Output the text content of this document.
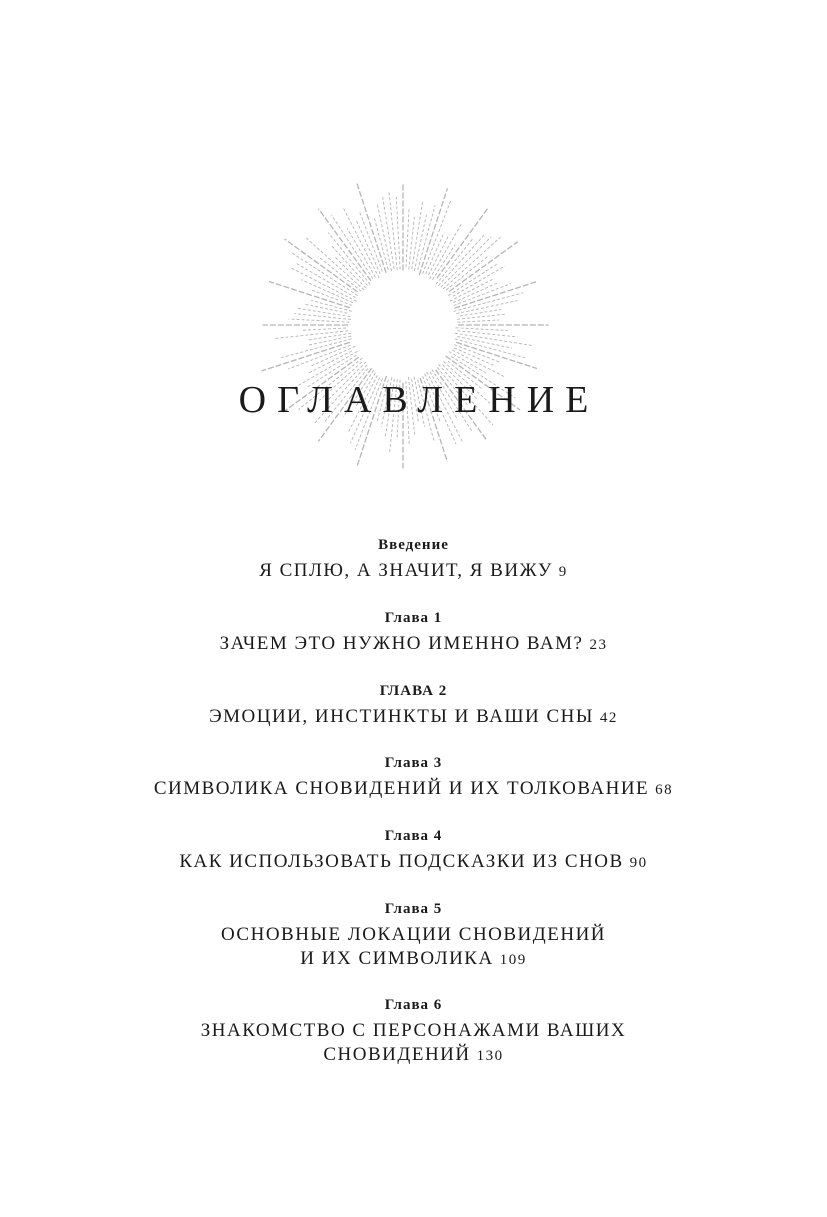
ОГЛАВЛЕНИЕ
Введение
Я СПЛЮ, А ЗНАЧИТ, Я ВИЖУ 9
Глава 1
ЗАЧЕМ ЭТО НУЖНО ИМЕННО ВАМ? 23
ГЛАВА 2
ЭМОЦИИ, ИНСТИНКТЫ И ВАШИ СНЫ 42
Глава 3
СИМВОЛИКА СНОВИДЕНИЙ И ИХ ТОЛКОВАНИЕ 68
Глава 4
КАК ИСПОЛЬЗОВАТЬ ПОДСКАЗКИ ИЗ СНОВ 90
Глава 5
ОСНОВНЫЕ ЛОКАЦИИ СНОВИДЕНИЙ
И ИХ СИМВОЛИКА 109
Глава 6
ЗНАКОМСТВО С ПЕРСОНАЖАМИ ВАШИХ
СНОВИДЕНИЙ 130
